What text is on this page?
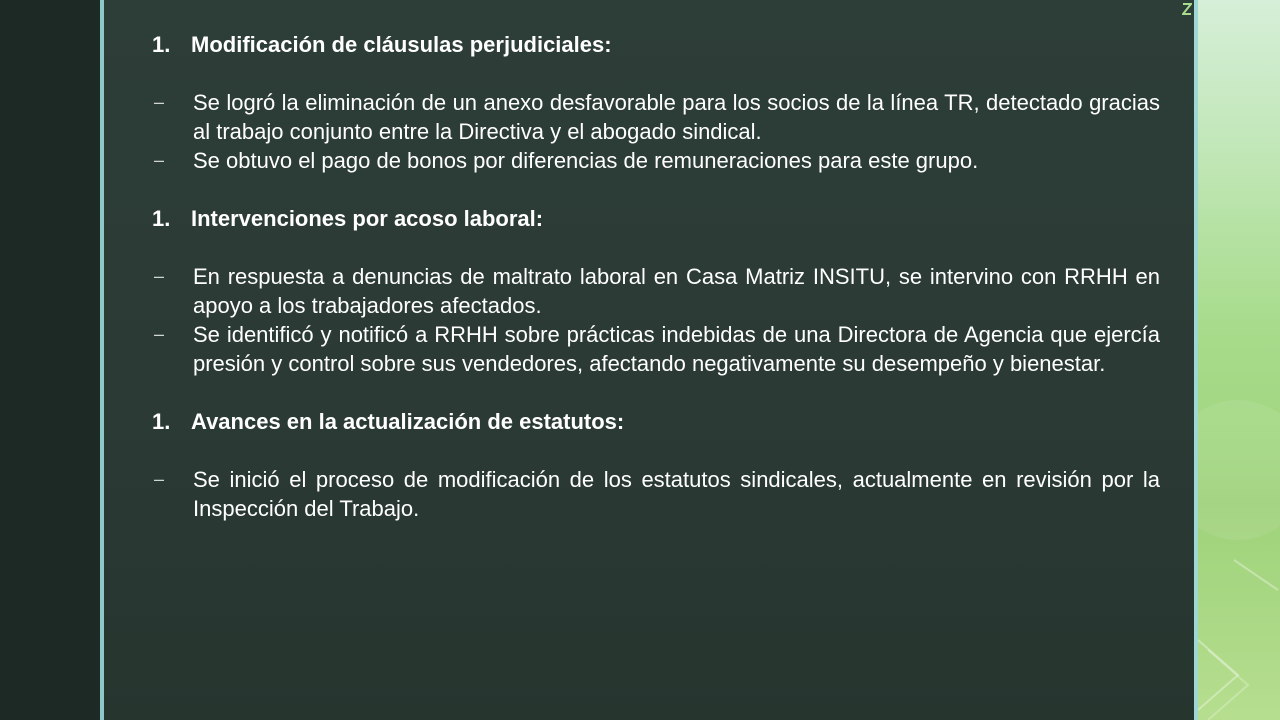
1. Modificación de cláusulas perjudiciales:
–	Se logró la eliminación de un anexo desfavorable para los socios de la línea TR, detectado gracias al trabajo conjunto entre la Directiva y el abogado sindical.
–	Se obtuvo el pago de bonos por diferencias de remuneraciones para este grupo.
1. Intervenciones por acoso laboral:
–	En respuesta a denuncias de maltrato laboral en Casa Matriz INSITU, se intervino con RRHH en apoyo a los trabajadores afectados.
–	Se identificó y notificó a RRHH sobre prácticas indebidas de una Directora de Agencia que ejercía presión y control sobre sus vendedores, afectando negativamente su desempeño y bienestar.
1. Avances en la actualización de estatutos:
–	Se inició el proceso de modificación de los estatutos sindicales, actualmente en revisión por la Inspección del Trabajo.
